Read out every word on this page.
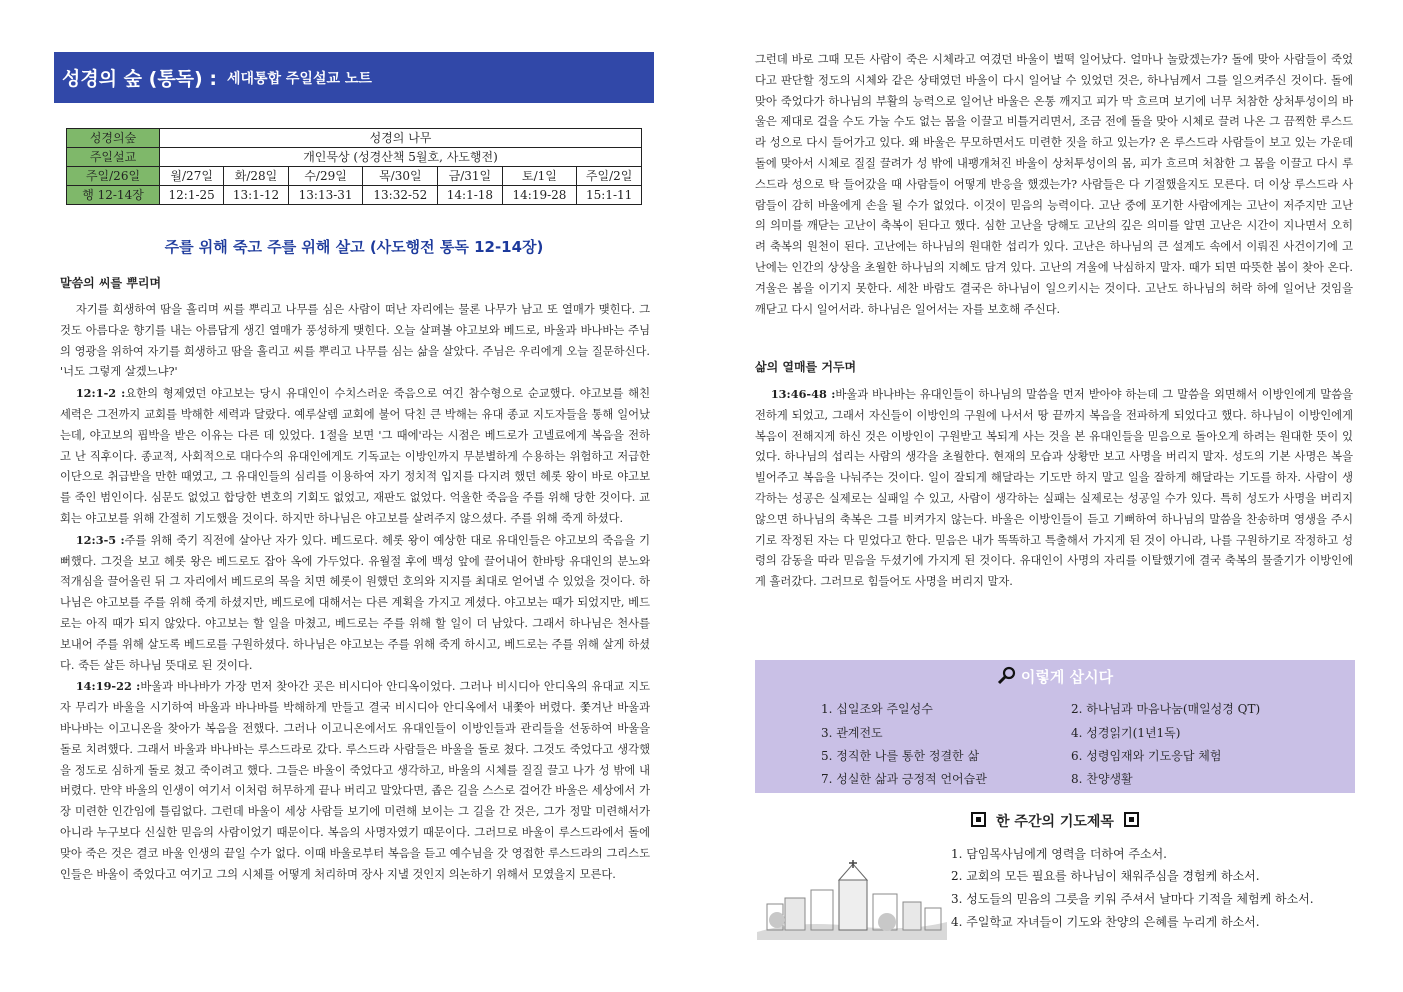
성경의 숲 (통독) : 세대통합 주일설교 노트
성경의숲	성경의 나무						
주일설교	개인묵상 (성경산책 5월호, 사도행전)						
주일/26일	월/27일	화/28일	수/29일	목/30일	금/31일	토/1일	주일/2일
행 12-14장	12:1-25	13:1-12	13:13-31	13:32-52	14:1-18	14:19-28	15:1-11
주를 위해 죽고 주를 위해 살고 (사도행전 통독 12-14장)
말씀의 씨를 뿌리며

자기를 희생하여 땀을 흘리며 씨를 뿌리고 나무를 심은 사람이 떠난 자리에는 물론 나무가 남고 또 열매가 맺힌다. 그것도 아름다운 향기를 내는 아름답게 생긴 열매가 풍성하게 맺힌다. 오늘 살펴볼 야고보와 베드로, 바울과 바나바는 주님의 영광을 위하여 자기를 희생하고 땀을 흘리고 씨를 뿌리고 나무를 심는 삶을 살았다. 주님은 우리에게 오늘 질문하신다. '너도 그렇게 살겠느냐?'

12:1-2 :요한의 형제였던 야고보는 당시 유대인이 수치스러운 죽음으로 여긴 참수형으로 순교했다. 야고보를 해친 세력은 그전까지 교회를 박해한 세력과 달랐다. 예루살렘 교회에 불어 닥친 큰 박해는 유대 종교 지도자들을 통해 일어났는데, 야고보의 핍박을 받은 이유는 다른 데 있었다. 1절을 보면 '그 때에'라는 시점은 베드로가 고넬료에게 복음을 전하고 난 직후이다. 종교적, 사회적으로 대다수의 유대인에게도 기독교는 이방인까지 무분별하게 수용하는 위험하고 저급한 이단으로 취급받을 만한 때였고, 그 유대인들의 심리를 이용하여 자기 정치적 입지를 다지려 했던 헤롯 왕이 바로 야고보를 죽인 범인이다. 심문도 없었고 합당한 변호의 기회도 없었고, 재판도 없었다. 억울한 죽음을 주를 위해 당한 것이다. 교회는 야고보를 위해 간절히 기도했을 것이다. 하지만 하나님은 야고보를 살려주지 않으셨다. 주를 위해 죽게 하셨다.

12:3-5 :주를 위해 죽기 직전에 살아난 자가 있다. 베드로다. 헤롯 왕이 예상한 대로 유대인들은 야고보의 죽음을 기뻐했다. 그것을 보고 헤롯 왕은 베드로도 잡아 옥에 가두었다. 유월절 후에 백성 앞에 끌어내어 한바탕 유대인의 분노와 적개심을 끌어올린 뒤 그 자리에서 베드로의 목을 치면 헤롯이 원했던 호의와 지지를 최대로 얻어낼 수 있었을 것이다. 하나님은 야고보를 주를 위해 죽게 하셨지만, 베드로에 대해서는 다른 계획을 가지고 계셨다. 야고보는 때가 되었지만, 베드로는 아직 때가 되지 않았다. 야고보는 할 일을 마쳤고, 베드로는 주를 위해 할 일이 더 남았다. 그래서 하나님은 천사를 보내어 주를 위해 살도록 베드로를 구원하셨다. 하나님은 야고보는 주를 위해 죽게 하시고, 베드로는 주를 위해 살게 하셨다. 죽든 살든 하나님 뜻대로 된 것이다.

14:19-22 :바울과 바나바가 가장 먼저 찾아간 곳은 비시디아 안디옥이었다. 그러나 비시디아 안디옥의 유대교 지도자 무리가 바울을 시기하여 바울과 바나바를 박해하게 만들고 결국 비시디아 안디옥에서 내쫓아 버렸다. 쫓겨난 바울과 바나바는 이고니온을 찾아가 복음을 전했다. 그러나 이고니온에서도 유대인들이 이방인들과 관리들을 선동하여 바울을 돌로 치려했다. 그래서 바울과 바나바는 루스드라로 갔다. 루스드라 사람들은 바울을 돌로 쳤다. 그것도 죽었다고 생각했을 정도로 심하게 돌로 쳤고 죽이려고 했다. 그들은 바울이 죽었다고 생각하고, 바울의 시체를 질질 끌고 나가 성 밖에 내버렸다. 만약 바울의 인생이 여기서 이처럼 허무하게 끝나 버리고 말았다면, 좁은 길을 스스로 걸어간 바울은 세상에서 가장 미련한 인간임에 틀림없다. 그런데 바울이 세상 사람들 보기에 미련해 보이는 그 길을 간 것은, 그가 정말 미련해서가 아니라 누구보다 신실한 믿음의 사람이었기 때문이다. 복음의 사명자였기 때문이다. 그러므로 바울이 루스드라에서 돌에 맞아 죽은 것은 결코 바울 인생의 끝일 수가 없다. 이때 바울로부터 복음을 듣고 예수님을 갓 영접한 루스드라의 그리스도인들은 바울이 죽었다고 여기고 그의 시체를 어떻게 처리하며 장사 지낼 것인지 의논하기 위해서 모였을지 모른다.

그런데 바로 그때 모든 사람이 죽은 시체라고 여겼던 바울이 벌떡 일어났다. 얼마나 놀랐겠는가? 돌에 맞아 사람들이 죽었다고 판단할 정도의 시체와 같은 상태였던 바울이 다시 일어날 수 있었던 것은, 하나님께서 그를 일으켜주신 것이다. 돌에 맞아 죽었다가 하나님의 부활의 능력으로 일어난 바울은 온통 깨지고 피가 막 흐르며 보기에 너무 처참한 상처투성이의 바울은 제대로 걸을 수도 가눌 수도 없는 몸을 이끌고 비틀거리면서, 조금 전에 돌을 맞아 시체로 끌려 나온 그 끔찍한 루스드라 성으로 다시 들어가고 있다. 왜 바울은 무모하면서도 미련한 짓을 하고 있는가? 온 루스드라 사람들이 보고 있는 가운데 돌에 맞아서 시체로 질질 끌려가 성 밖에 내팽개쳐진 바울이 상처투성이의 몸, 피가 흐르며 처참한 그 몸을 이끌고 다시 루스드라 성으로 탁 들어갔을 때 사람들이 어떻게 반응을 했겠는가? 사람들은 다 기절했을지도 모른다. 더 이상 루스드라 사람들이 감히 바울에게 손을 될 수가 없었다. 이것이 믿음의 능력이다. 고난 중에 포기한 사람에게는 고난이 저주지만 고난의 의미를 깨닫는 고난이 축복이 된다고 했다. 심한 고난을 당해도 고난의 깊은 의미를 알면 고난은 시간이 지나면서 오히려 축복의 원천이 된다. 고난에는 하나님의 원대한 섭리가 있다. 고난은 하나님의 큰 설계도 속에서 이뤄진 사건이기에 고난에는 인간의 상상을 초월한 하나님의 지혜도 담겨 있다. 고난의 겨울에 낙심하지 말자. 때가 되면 따뜻한 봄이 찾아 온다. 겨울은 봄을 이기지 못한다. 세찬 바람도 결국은 하나님이 일으키시는 것이다. 고난도 하나님의 허락 하에 일어난 것임을 깨닫고 다시 일어서라. 하나님은 일어서는 자를 보호해 주신다.

삶의 열매를 거두며

13:46-48 :바울과 바나바는 유대인들이 하나님의 말씀을 먼저 받아야 하는데 그 말씀을 외면해서 이방인에게 말씀을 전하게 되었고, 그래서 자신들이 이방인의 구원에 나서서 땅 끝까지 복음을 전파하게 되었다고 했다. 하나님이 이방인에게 복음이 전해지게 하신 것은 이방인이 구원받고 복되게 사는 것을 본 유대인들을 믿음으로 돌아오게 하려는 원대한 뜻이 있었다. 하나님의 섭리는 사람의 생각을 초월한다. 현재의 모습과 상황만 보고 사명을 버리지 말자. 성도의 기본 사명은 복을 빌어주고 복음을 나눠주는 것이다. 일이 잘되게 해달라는 기도만 하지 말고 일을 잘하게 해달라는 기도를 하자. 사람이 생각하는 성공은 실제로는 실패일 수 있고, 사람이 생각하는 실패는 실제로는 성공일 수가 있다. 특히 성도가 사명을 버리지 않으면 하나님의 축복은 그를 비켜가지 않는다. 바울은 이방인들이 듣고 기뻐하여 하나님의 말씀을 찬송하며 영생을 주시기로 작정된 자는 다 믿었다고 한다. 믿음은 내가 똑똑하고 특출해서 가지게 된 것이 아니라, 나를 구원하기로 작정하고 성령의 감동을 따라 믿음을 두셨기에 가지게 된 것이다. 유대인이 사명의 자리를 이탈했기에 결국 축복의 물줄기가 이방인에게 흘러갔다. 그러므로 힘들어도 사명을 버리지 말자.

이렇게 삽시다
1. 십일조와 주일성수	2. 하나님과 마음나눔(매일성경 QT)
3. 관계전도	4. 성경읽기(1년1독)
5. 정직한 나를 통한 정결한 삶	6. 성령임재와 기도응답 체험
7. 성실한 삶과 긍정적 언어습관	8. 찬양생활
한 주간의 기도제목
1. 담임목사님에게 영력을 더하여 주소서.
2. 교회의 모든 필요를 하나님이 채워주심을 경험케 하소서.
3. 성도들의 믿음의 그릇을 키워 주셔서 날마다 기적을 체험케 하소서.
4. 주일학교 자녀들이 기도와 찬양의 은혜를 누리게 하소서.
